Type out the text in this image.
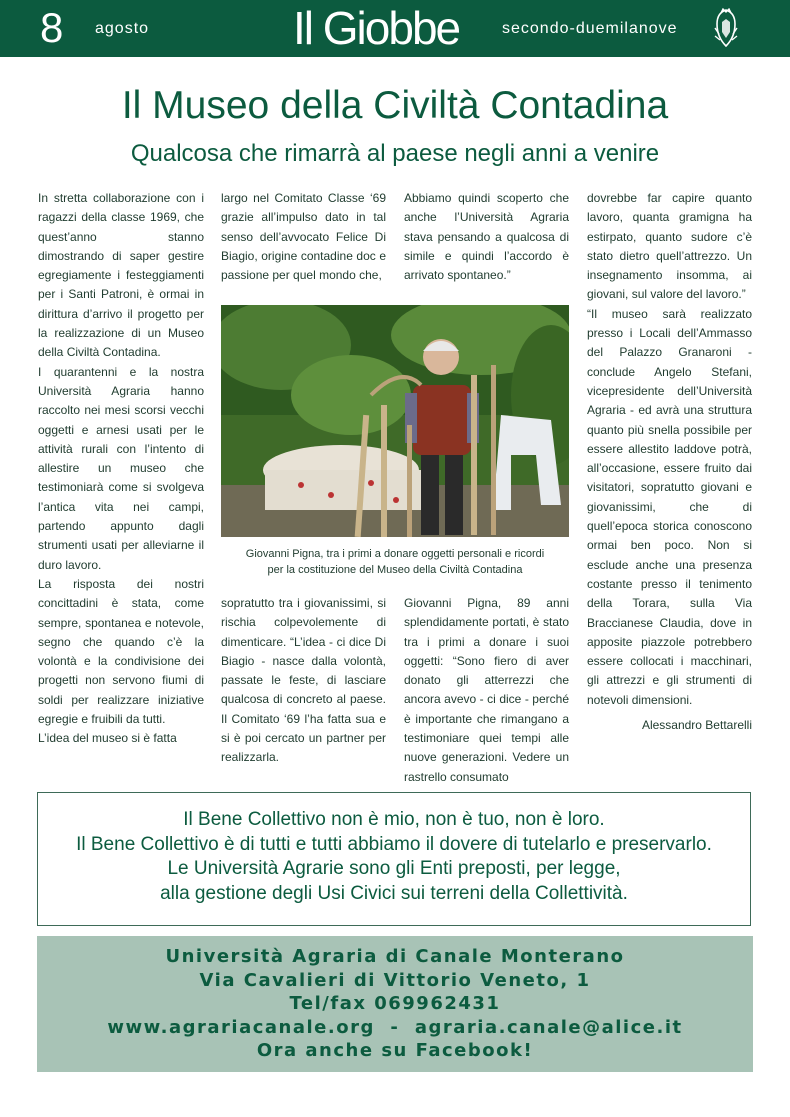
8 agosto	Il Giobbe	secondo-duemilanove
Il Museo della Civiltà Contadina
Qualcosa che rimarrà al paese negli anni a venire

In stretta collaborazione con i ragazzi della classe 1969, che quest’anno stanno dimostrando di saper gestire egregiamente i festeggiamenti per i Santi Patroni, è ormai in dirittura d’arrivo il progetto per la realizzazione di un Museo della Civiltà Contadina.

I quarantenni e la nostra Università Agraria hanno raccolto nei mesi scorsi vecchi oggetti e arnesi usati per le attività rurali con l’intento di allestire un museo che testimoniarà come si svolgeva l’antica vita nei campi, partendo appunto dagli strumenti usati per alleviarne il duro lavoro.

La risposta dei nostri concittadini è stata, come sempre, spontanea e notevole, segno che quando c’è la volontà e la condivisione dei progetti non servono fiumi di soldi per realizzare iniziative egregie e fruibili da tutti.

L’idea del museo si è fatta

largo nel Comitato Classe ‘69 grazie all’impulso dato in tal senso dell’avvocato Felice Di Biagio, origine contadine doc e passione per quel mondo che,

Abbiamo quindi scoperto che anche l’Università Agraria stava pensando a qualcosa di simile e quindi l’accordo è arrivato spontaneo.”

Giovanni Pigna, tra i primi a donare oggetti personali e ricordi
per la costituzione del Museo della Civiltà Contadina

sopratutto tra i giovanissimi, si rischia colpevolemente di dimenticare. “L’idea - ci dice Di Biagio - nasce dalla volontà, passate le feste, di lasciare qualcosa di concreto al paese. Il Comitato ‘69 l’ha fatta sua e si è poi cercato un partner per realizzarla.

Giovanni Pigna, 89 anni splendidamente portati, è stato tra i primi a donare i suoi oggetti: “Sono fiero di aver donato gli atterrezzi che ancora avevo - ci dice - perché è importante che rimangano a testimoniare quei tempi alle nuove generazioni. Vedere un rastrello consumato

dovrebbe far capire quanto lavoro, quanta gramigna ha estirpato, quanto sudore c’è stato dietro quell’attrezzo. Un insegnamento insomma, ai giovani, sul valore del lavoro.”

“Il museo sarà realizzato presso i Locali dell’Ammasso del Palazzo Granaroni - conclude Angelo Stefani, vicepresidente dell’Università Agraria - ed avrà una struttura quanto più snella possibile per essere allestito laddove potrà, all’occasione, essere fruito dai visitatori, sopratutto giovani e giovanissimi, che di quell’epoca storica conoscono ormai ben poco. Non si esclude anche una presenza costante presso il tenimento della Torara, sulla Via Braccianese Claudia, dove in apposite piazzole potrebbero essere collocati i macchinari, gli attrezzi e gli strumenti di notevoli dimensioni.

Alessandro Bettarelli

Il Bene Collettivo non è mio, non è tuo, non è loro.
Il Bene Collettivo è di tutti e tutti abbiamo il dovere di tutelarlo e preservarlo.
Le Università Agrarie sono gli Enti preposti, per legge,
alla gestione degli Usi Civici sui terreni della Collettività.
Università Agraria di Canale Monterano
Via Cavalieri di Vittorio Veneto, 1
Tel/fax 069962431
www.agrariacanale.org  -  agraria.canale@alice.it
Ora anche su Facebook!
